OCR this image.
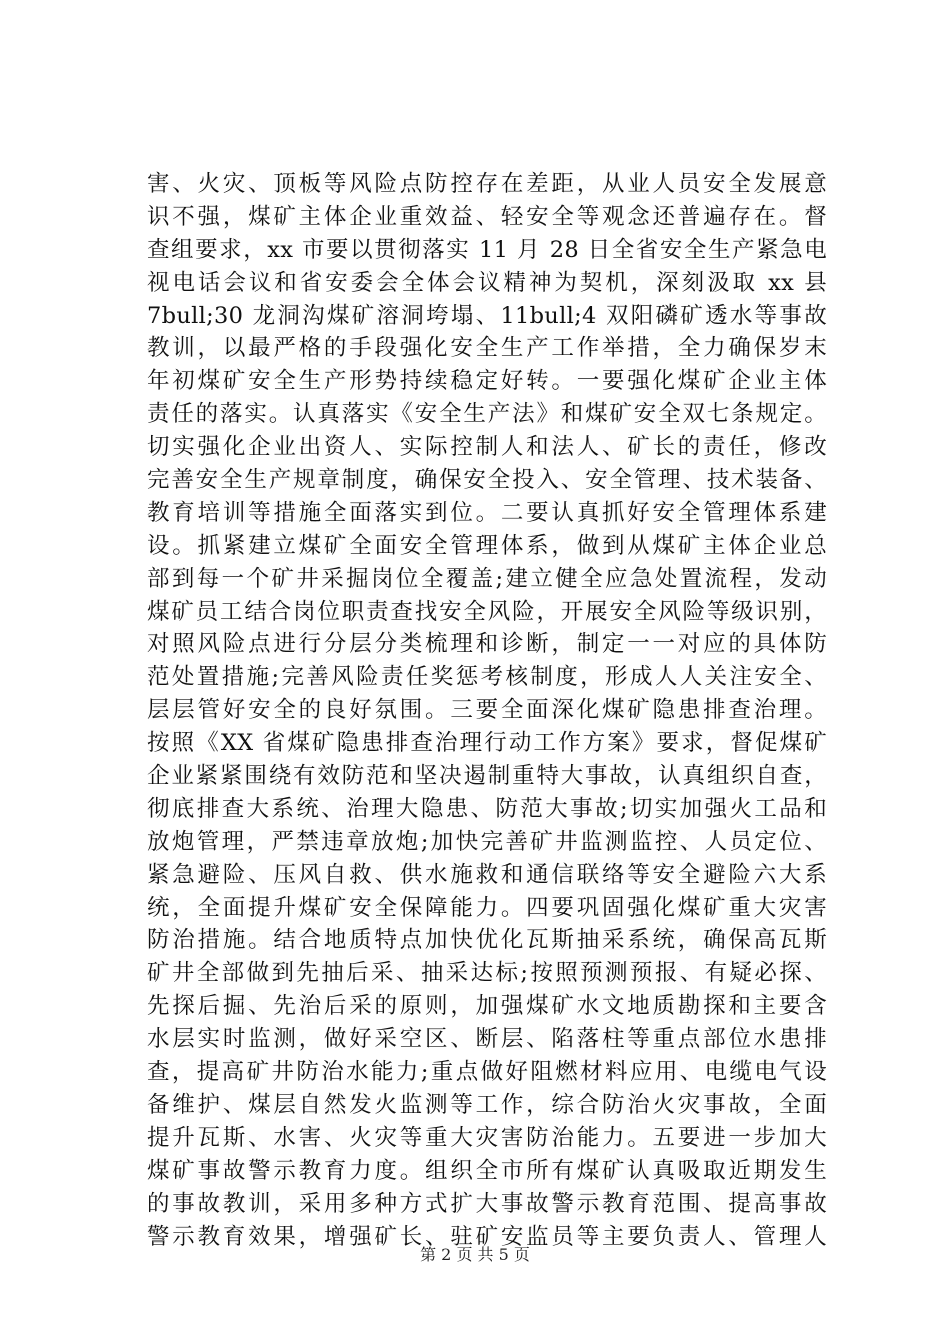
害、火灾、顶板等风险点防控存在差距，从业人员安全发展意
识不强，煤矿主体企业重效益、轻安全等观念还普遍存在。督
查组要求，xx 市要以贯彻落实 11 月 28 日全省安全生产紧急电
视电话会议和省安委会全体会议精神为契机，深刻汲取 xx 县
7bull;30 龙洞沟煤矿溶洞垮塌、11bull;4 双阳磷矿透水等事故
教训，以最严格的手段强化安全生产工作举措，全力确保岁末
年初煤矿安全生产形势持续稳定好转。一要强化煤矿企业主体
责任的落实。认真落实《安全生产法》和煤矿安全双七条规定。
切实强化企业出资人、实际控制人和法人、矿长的责任，修改
完善安全生产规章制度，确保安全投入、安全管理、技术装备、
教育培训等措施全面落实到位。二要认真抓好安全管理体系建
设。抓紧建立煤矿全面安全管理体系，做到从煤矿主体企业总
部到每一个矿井采掘岗位全覆盖;建立健全应急处置流程，发动
煤矿员工结合岗位职责查找安全风险，开展安全风险等级识别，
对照风险点进行分层分类梳理和诊断，制定一一对应的具体防
范处置措施;完善风险责任奖惩考核制度，形成人人关注安全、
层层管好安全的良好氛围。三要全面深化煤矿隐患排查治理。
按照《XX 省煤矿隐患排查治理行动工作方案》要求，督促煤矿
企业紧紧围绕有效防范和坚决遏制重特大事故，认真组织自查，
彻底排查大系统、治理大隐患、防范大事故;切实加强火工品和
放炮管理，严禁违章放炮;加快完善矿井监测监控、人员定位、
紧急避险、压风自救、供水施救和通信联络等安全避险六大系
统，全面提升煤矿安全保障能力。四要巩固强化煤矿重大灾害
防治措施。结合地质特点加快优化瓦斯抽采系统，确保高瓦斯
矿井全部做到先抽后采、抽采达标;按照预测预报、有疑必探、
先探后掘、先治后采的原则，加强煤矿水文地质勘探和主要含
水层实时监测，做好采空区、断层、陷落柱等重点部位水患排
查，提高矿井防治水能力;重点做好阻燃材料应用、电缆电气设
备维护、煤层自然发火监测等工作，综合防治火灾事故，全面
提升瓦斯、水害、火灾等重大灾害防治能力。五要进一步加大
煤矿事故警示教育力度。组织全市所有煤矿认真吸取近期发生
的事故教训，采用多种方式扩大事故警示教育范围、提高事故
警示教育效果，增强矿长、驻矿安监员等主要负责人、管理人
第 2 页 共 5 页
